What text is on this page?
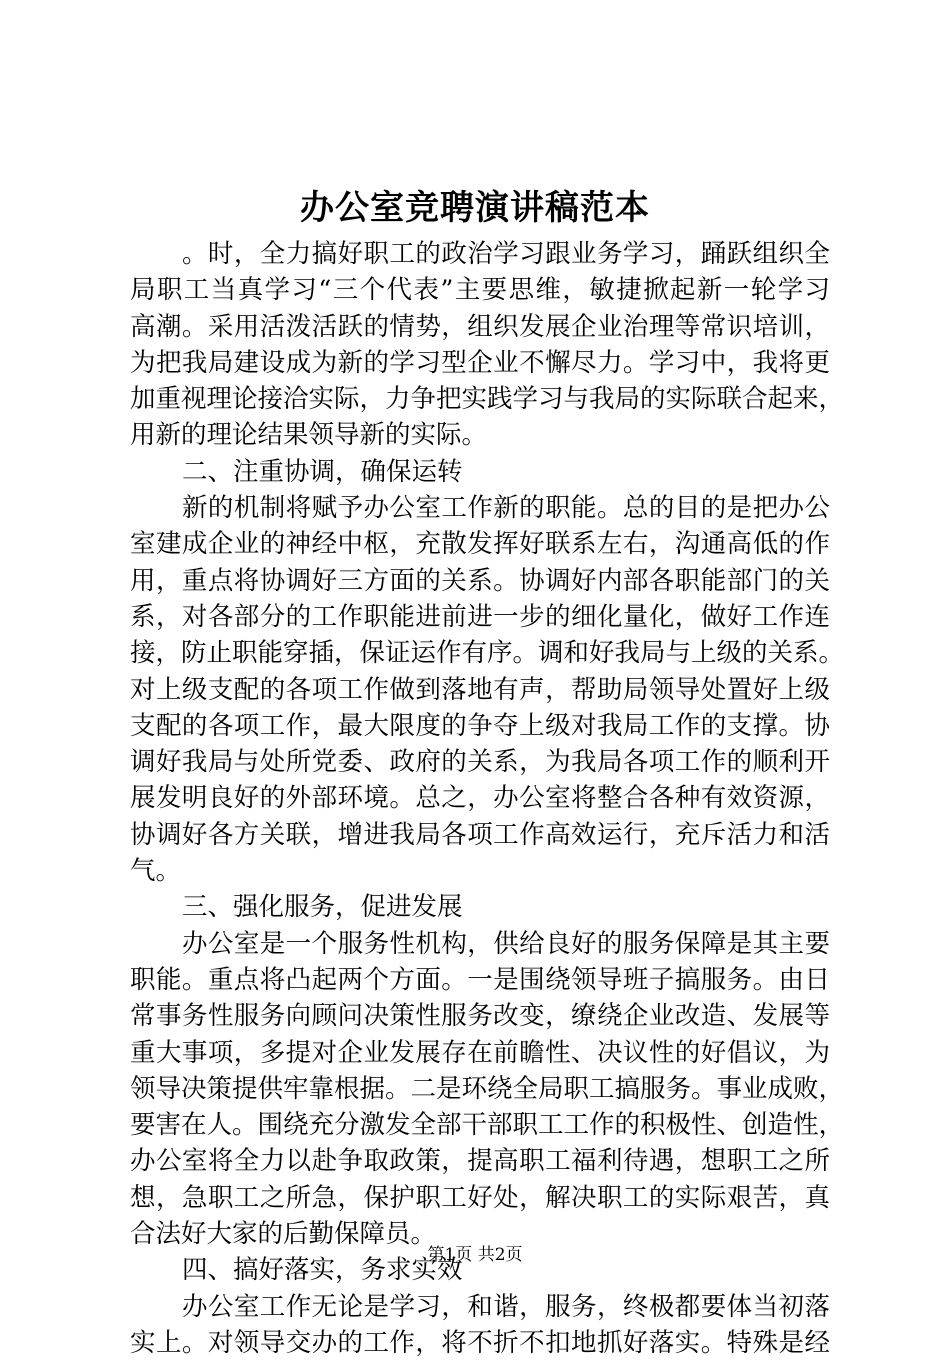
办公室竞聘演讲稿范本
。时，全力搞好职工的政治学习跟业务学习，踊跃组织全
局职工当真学习“三个代表”主要思维，敏捷掀起新一轮学习
高潮。采用活泼活跃的情势，组织发展企业治理等常识培训，
为把我局建设成为新的学习型企业不懈尽力。学习中，我将更
加重视理论接洽实际，力争把实践学习与我局的实际联合起来，
用新的理论结果领导新的实际。
二、注重协调，确保运转
新的机制将赋予办公室工作新的职能。总的目的是把办公
室建成企业的神经中枢，充散发挥好联系左右，沟通高低的作
用，重点将协调好三方面的关系。协调好内部各职能部门的关
系，对各部分的工作职能进前进一步的细化量化，做好工作连
接，防止职能穿插，保证运作有序。调和好我局与上级的关系。
对上级支配的各项工作做到落地有声，帮助局领导处置好上级
支配的各项工作，最大限度的争夺上级对我局工作的支撑。协
调好我局与处所党委、政府的关系，为我局各项工作的顺利开
展发明良好的外部环境。总之，办公室将整合各种有效资源，
协调好各方关联，增进我局各项工作高效运行，充斥活力和活
气。
三、强化服务，促进发展
办公室是一个服务性机构，供给良好的服务保障是其主要
职能。重点将凸起两个方面。一是围绕领导班子搞服务。由日
常事务性服务向顾问决策性服务改变，缭绕企业改造、发展等
重大事项，多提对企业发展存在前瞻性、决议性的好倡议，为
领导决策提供牢靠根据。二是环绕全局职工搞服务。事业成败，
要害在人。围绕充分激发全部干部职工工作的积极性、创造性，
办公室将全力以赴争取政策，提高职工福利待遇，想职工之所
想，急职工之所急，保护职工好处，解决职工的实际艰苦，真
合法好大家的后勤保障员。
四、搞好落实，务求实效
办公室工作无论是学习，和谐，服务，终极都要体当初落
实上。对领导交办的工作，将不折不扣地抓好落实。特殊是经
第1页 共2页
